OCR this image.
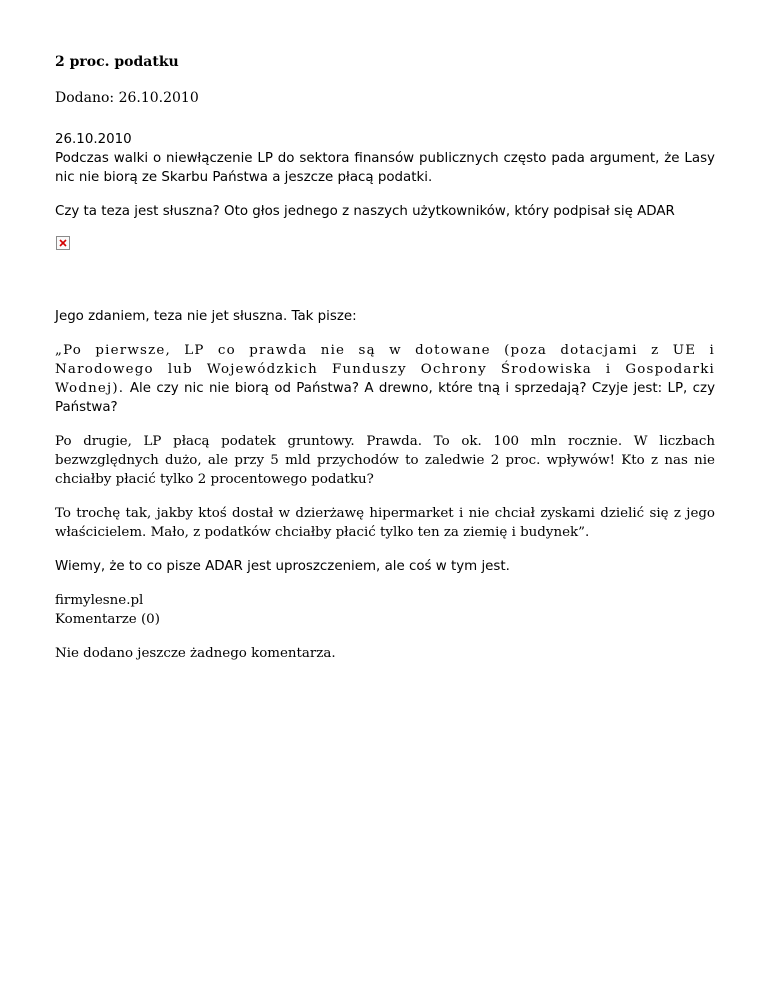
2 proc. podatku
Dodano: 26.10.2010
26.10.2010
Podczas walki o niewłączenie LP do sektora finansów publicznych często pada argument, że Lasy nic nie biorą ze Skarbu Państwa a jeszcze płacą podatki.
Czy ta teza jest słuszna? Oto głos jednego z naszych użytkowników, który podpisał się ADAR
Jego zdaniem, teza nie jet słuszna. Tak pisze:
„Po pierwsze, LP co prawda nie są w dotowane (poza dotacjami z UE i Narodowego lub Wojewódzkich Funduszy Ochrony Środowiska i Gospodarki Wodnej). Ale czy nic nie biorą od Państwa? A drewno, które tną i sprzedają? Czyje jest: LP, czy Państwa?
Po drugie, LP płacą podatek gruntowy. Prawda. To ok. 100 mln rocznie. W liczbach bezwzględnych dużo, ale przy 5 mld przychodów to zaledwie 2 proc. wpływów! Kto z nas nie chciałby płacić tylko 2 procentowego podatku?
To trochę tak, jakby ktoś dostał w dzierżawę hipermarket i nie chciał zyskami dzielić się z jego właścicielem. Mało, z podatków chciałby płacić tylko ten za ziemię i budynek”.
Wiemy, że to co pisze ADAR jest uproszczeniem, ale coś w tym jest.
firmylesne.pl
Komentarze (0)
Nie dodano jeszcze żadnego komentarza.
